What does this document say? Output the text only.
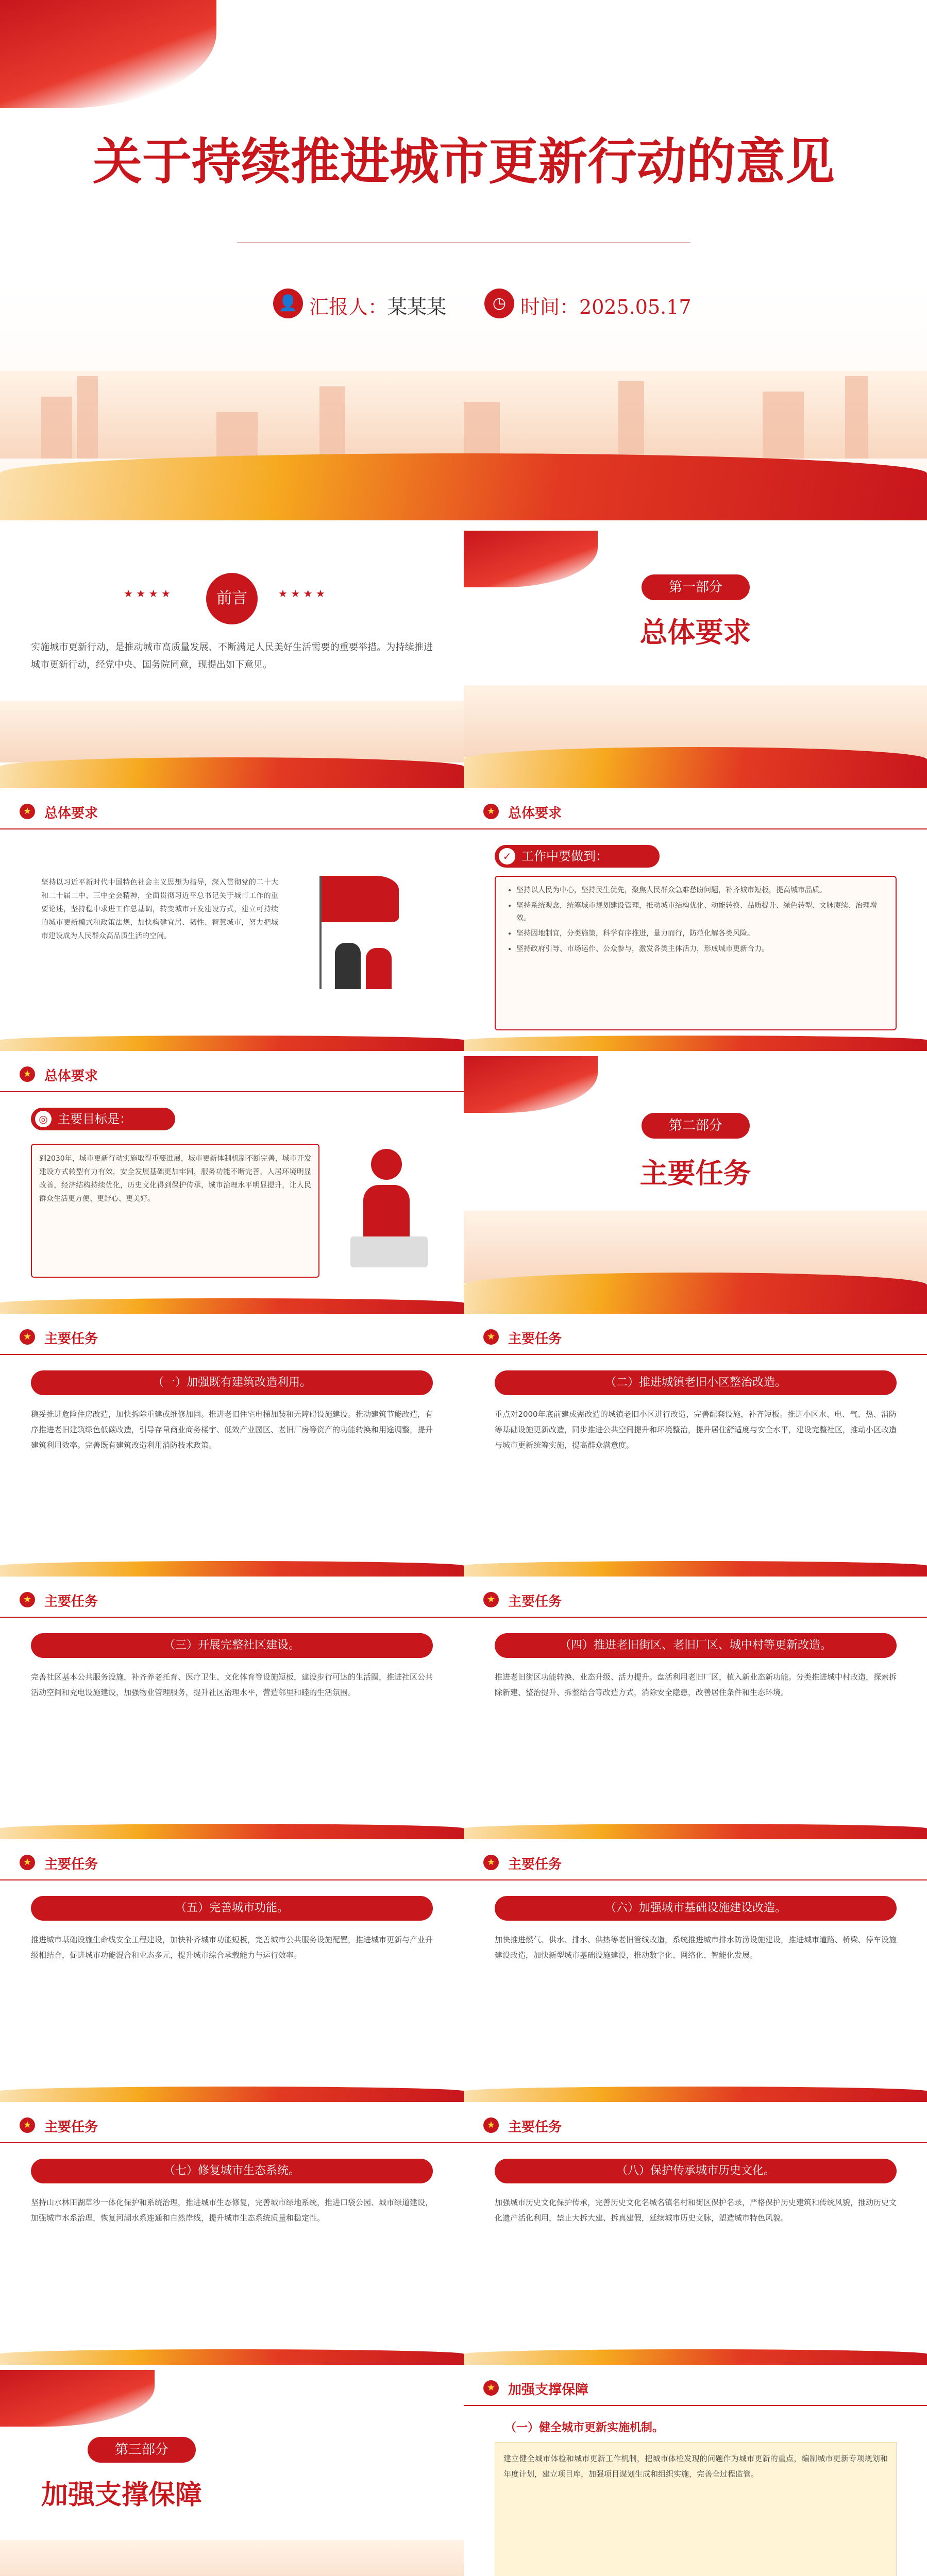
关于持续推进城市更新行动的意见
👤 汇报人：某某某	◷ 时间：2025.05.17
★ ★ ★ ★	前言	★ ★ ★ ★
实施城市更新行动，是推动城市高质量发展、不断满足人民美好生活需要的重要举措。为持续推进城市更新行动，经党中央、国务院同意，现提出如下意见。
第一部分
总体要求
★ 总体要求
坚持以习近平新时代中国特色社会主义思想为指导，深入贯彻党的二十大和二十届二中、三中全会精神，全面贯彻习近平总书记关于城市工作的重要论述，坚持稳中求进工作总基调，转变城市开发建设方式，建立可持续的城市更新模式和政策法规，加快构建宜居、韧性、智慧城市，努力把城市建设成为人民群众高品质生活的空间。
★ 总体要求
✓ 工作中要做到：
• 坚持以人民为中心，坚持民生优先，聚焦人民群众急难愁盼问题，补齐城市短板，提高城市品质。
• 坚持系统观念，统筹城市规划建设管理，推动城市结构优化、动能转换、品质提升、绿色转型、文脉赓续、治理增效。
• 坚持因地制宜，分类施策，科学有序推进，量力而行，防范化解各类风险。
• 坚持政府引导、市场运作、公众参与，激发各类主体活力，形成城市更新合力。
★ 总体要求
◎ 主要目标是：
到2030年，城市更新行动实施取得重要进展，城市更新体制机制不断完善，城市开发建设方式转型有力有效，安全发展基础更加牢固，服务功能不断完善，人居环境明显改善，经济结构持续优化，历史文化得到保护传承，城市治理水平明显提升，让人民群众生活更方便、更舒心、更美好。
第二部分
主要任务
★ 主要任务
（一）加强既有建筑改造利用。
稳妥推进危险住房改造，加快拆除重建或维修加固。推进老旧住宅电梯加装和无障碍设施建设。推动建筑节能改造，有序推进老旧建筑绿色低碳改造，引导存量商业商务楼宇、低效产业园区、老旧厂房等资产的功能转换和用途调整，提升建筑利用效率。完善既有建筑改造利用消防技术政策。
★ 主要任务
（二）推进城镇老旧小区整治改造。
重点对2000年底前建成需改造的城镇老旧小区进行改造，完善配套设施，补齐短板。推进小区水、电、气、热、消防等基础设施更新改造，同步推进公共空间提升和环境整治，提升居住舒适度与安全水平，建设完整社区，推动小区改造与城市更新统筹实施，提高群众满意度。
★ 主要任务
（三）开展完整社区建设。
完善社区基本公共服务设施，补齐养老托育、医疗卫生、文化体育等设施短板，建设步行可达的生活圈，推进社区公共活动空间和充电设施建设，加强物业管理服务，提升社区治理水平，营造邻里和睦的生活氛围。
★ 主要任务
（四）推进老旧街区、老旧厂区、城中村等更新改造。
推进老旧街区功能转换、业态升级、活力提升。盘活利用老旧厂区，植入新业态新功能。分类推进城中村改造，探索拆除新建、整治提升、拆整结合等改造方式，消除安全隐患，改善居住条件和生态环境。
★ 主要任务
（五）完善城市功能。
推进城市基础设施生命线安全工程建设，加快补齐城市功能短板，完善城市公共服务设施配置，推进城市更新与产业升级相结合，促进城市功能混合和业态多元，提升城市综合承载能力与运行效率。
★ 主要任务
（六）加强城市基础设施建设改造。
加快推进燃气、供水、排水、供热等老旧管线改造，系统推进城市排水防涝设施建设，推进城市道路、桥梁、停车设施建设改造，加快新型城市基础设施建设，推动数字化、网络化、智能化发展。
★ 主要任务
（七）修复城市生态系统。
坚持山水林田湖草沙一体化保护和系统治理，推进城市生态修复，完善城市绿地系统，推进口袋公园、城市绿道建设，加强城市水系治理，恢复河湖水系连通和自然岸线，提升城市生态系统质量和稳定性。
★ 主要任务
（八）保护传承城市历史文化。
加强城市历史文化保护传承，完善历史文化名城名镇名村和街区保护名录，严格保护历史建筑和传统风貌，推动历史文化遗产活化利用，禁止大拆大建、拆真建假，延续城市历史文脉，塑造城市特色风貌。
第三部分
加强支撑保障
★ 加强支撑保障
（一）健全城市更新实施机制。
建立健全城市体检和城市更新工作机制，把城市体检发现的问题作为城市更新的重点，编制城市更新专项规划和年度计划，建立项目库，加强项目谋划生成和组织实施，完善全过程监管。
